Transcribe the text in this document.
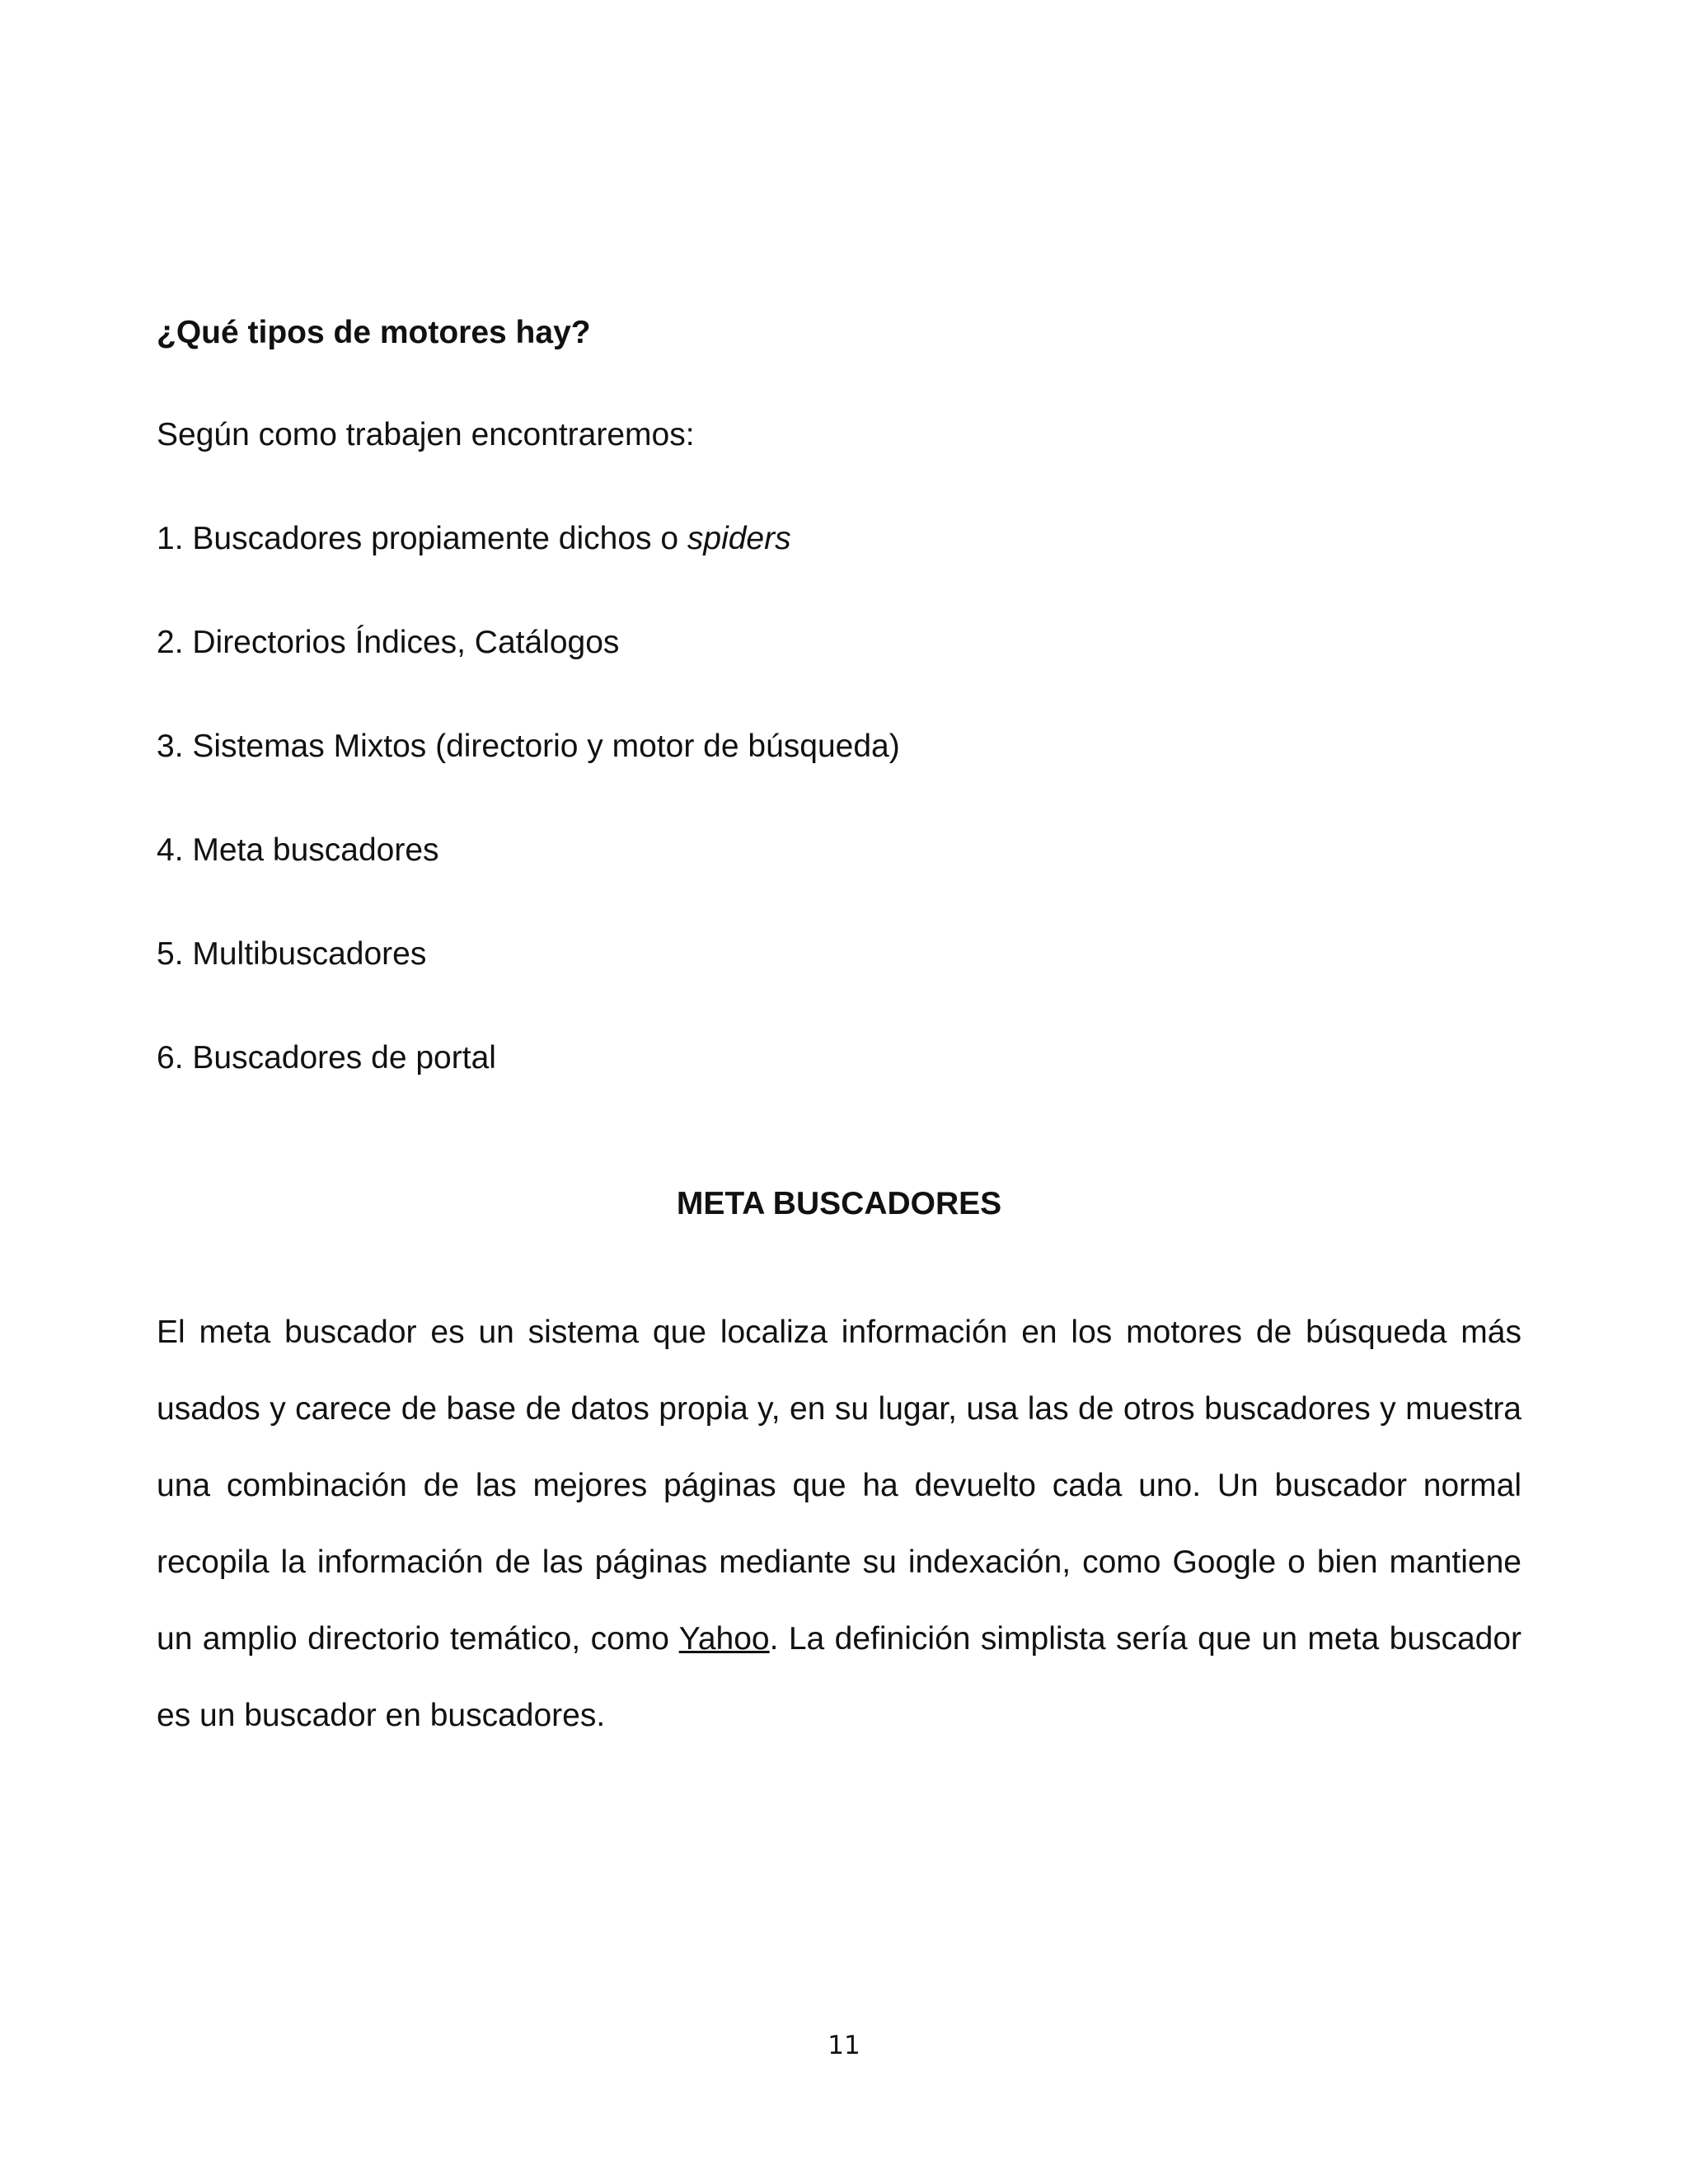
¿Qué tipos de motores hay?
Según como trabajen encontraremos:
1. Buscadores propiamente dichos o spiders
2. Directorios Índices, Catálogos
3. Sistemas Mixtos (directorio y motor de búsqueda)
4. Meta buscadores
5. Multibuscadores
6. Buscadores de portal
META BUSCADORES

El meta buscador es un sistema que localiza información en los motores de búsqueda más usados y carece de base de datos propia y, en su lugar, usa las de otros buscadores y muestra una combinación de las mejores páginas que ha devuelto cada uno. Un buscador normal recopila la información de las páginas mediante su indexación, como Google o bien mantiene un amplio directorio temático, como Yahoo. La definición simplista sería que un meta buscador es un buscador en buscadores.

11
